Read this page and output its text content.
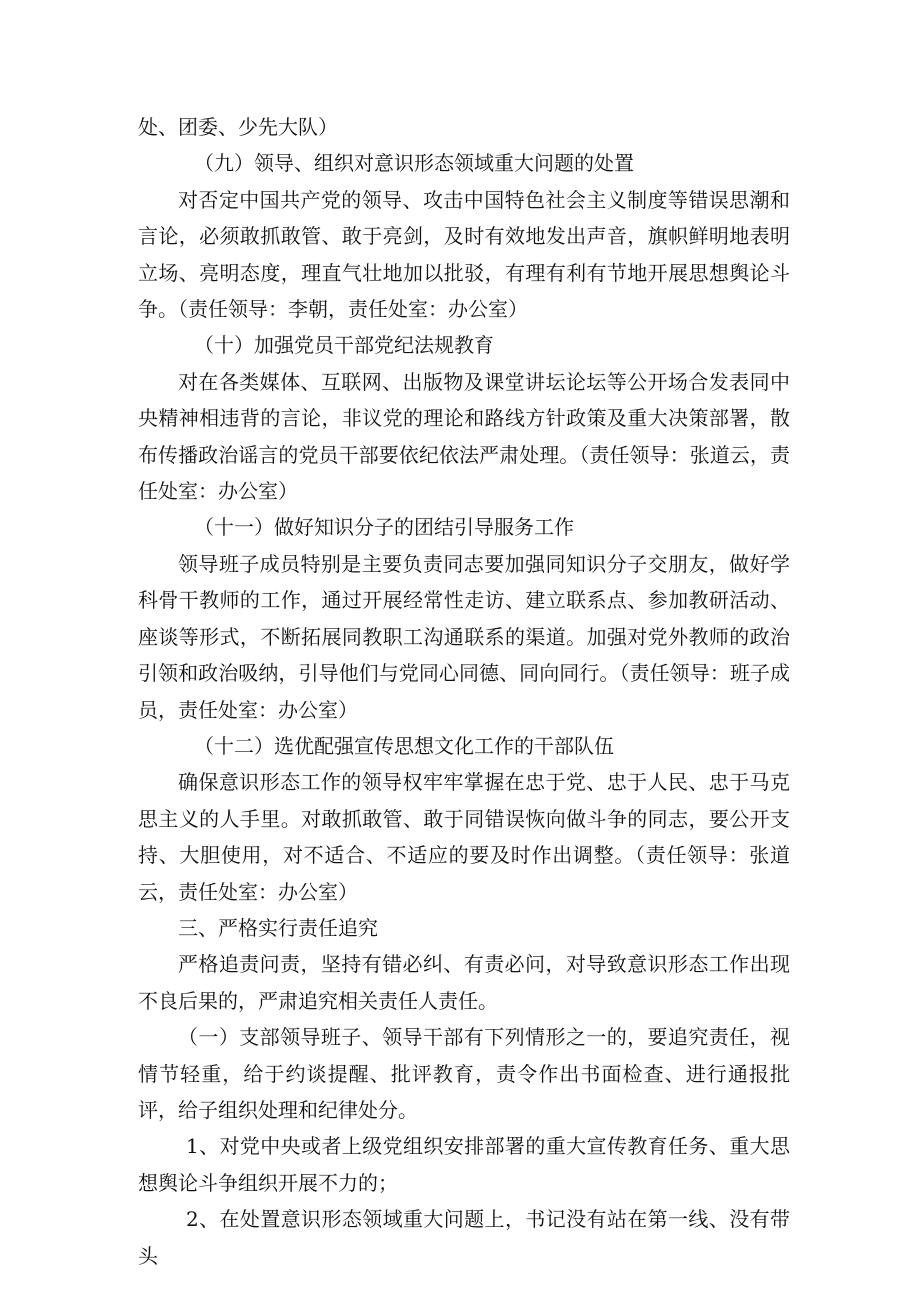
处、团委、少先大队）

（九）领导、组织对意识形态领域重大问题的处置

对否定中国共产党的领导、攻击中国特色社会主义制度等错误思潮和言论，必须敢抓敢管、敢于亮剑，及时有效地发出声音，旗帜鲜明地表明立场、亮明态度，理直气壮地加以批驳，有理有利有节地开展思想舆论斗争。（责任领导：李朝，责任处室：办公室）

（十）加强党员干部党纪法规教育

对在各类媒体、互联网、出版物及课堂讲坛论坛等公开场合发表同中央精神相违背的言论，非议党的理论和路线方针政策及重大决策部署，散布传播政治谣言的党员干部要依纪依法严肃处理。（责任领导：张道云，责任处室：办公室）

（十一）做好知识分子的团结引导服务工作

领导班子成员特别是主要负责同志要加强同知识分子交朋友，做好学科骨干教师的工作，通过开展经常性走访、建立联系点、参加教研活动、座谈等形式，不断拓展同教职工沟通联系的渠道。加强对党外教师的政治引领和政治吸纳，引导他们与党同心同德、同向同行。（责任领导：班子成员，责任处室：办公室）

（十二）选优配强宣传思想文化工作的干部队伍

确保意识形态工作的领导权牢牢掌握在忠于党、忠于人民、忠于马克思主义的人手里。对敢抓敢管、敢于同错误恢向做斗争的同志，要公开支持、大胆使用，对不适合、不适应的要及时作出调整。（责任领导：张道云，责任处室：办公室）

三、严格实行责任追究

严格追责问责，坚持有错必纠、有责必问，对导致意识形态工作出现不良后果的，严肃追究相关责任人责任。

（一）支部领导班子、领导干部有下列情形之一的，要追究责任，视情节轻重，给于约谈提醒、批评教育，责令作出书面检查、进行通报批评，给子组织处理和纪律处分。

1、对党中央或者上级党组织安排部署的重大宣传教育任务、重大思想舆论斗争组织开展不力的；

2、在处置意识形态领域重大问题上，书记没有站在第一线、没有带头
